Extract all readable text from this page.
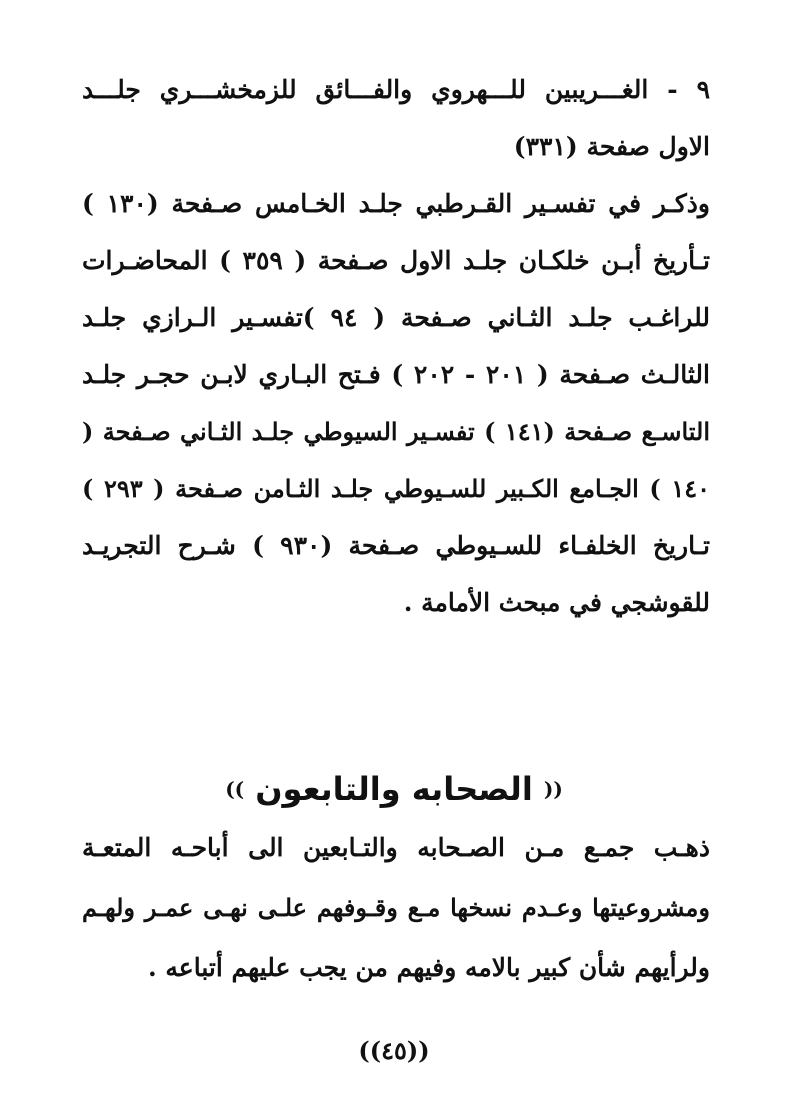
٩ - الغـــريبين للـــهروي والفـــائق للزمخشـــري جلـــد
الاول صفحة (٣٣١)
وذكـر في تفسـير القـرطبي جلـد الخـامس صـفحة (١٣٠ )
تـأريخ أبـن خلكـان جلـد الاول صـفحة ( ٣٥٩ ) المحاضـرات
للراغـب جلـد الثـاني صـفحة ( ٩٤ )تفسـير الـرازي جلـد
الثالـث صـفحة ( ٢٠١ - ٢٠٢ ) فـتح البـاري لابـن حجـر جلـد
التاسـع صـفحة (١٤١ ) تفسـير السيوطي جلـد الثـاني صـفحة (
١٤٠ ) الجـامع الكـبير للسـيوطي جلـد الثـامن صـفحة ( ٢٩٣ )
تـاريخ الخلفـاء للسـيوطي صـفحة (٩٣٠ ) شـرح التجريـد
للقوشجي في مبحث الأمامة .
(( الصحابه والتابعون ))
ذهـب جمـع مـن الصـحابه والتـابعين الى أباحـه المتعـة
ومشروعيتها وعـدم نسخها مـع وقـوفهم علـى نهـى عمـر ولهـم
ولرأيهم شأن كبير بالامه وفيهم من يجب عليهم أتباعه .
((٤٥))
